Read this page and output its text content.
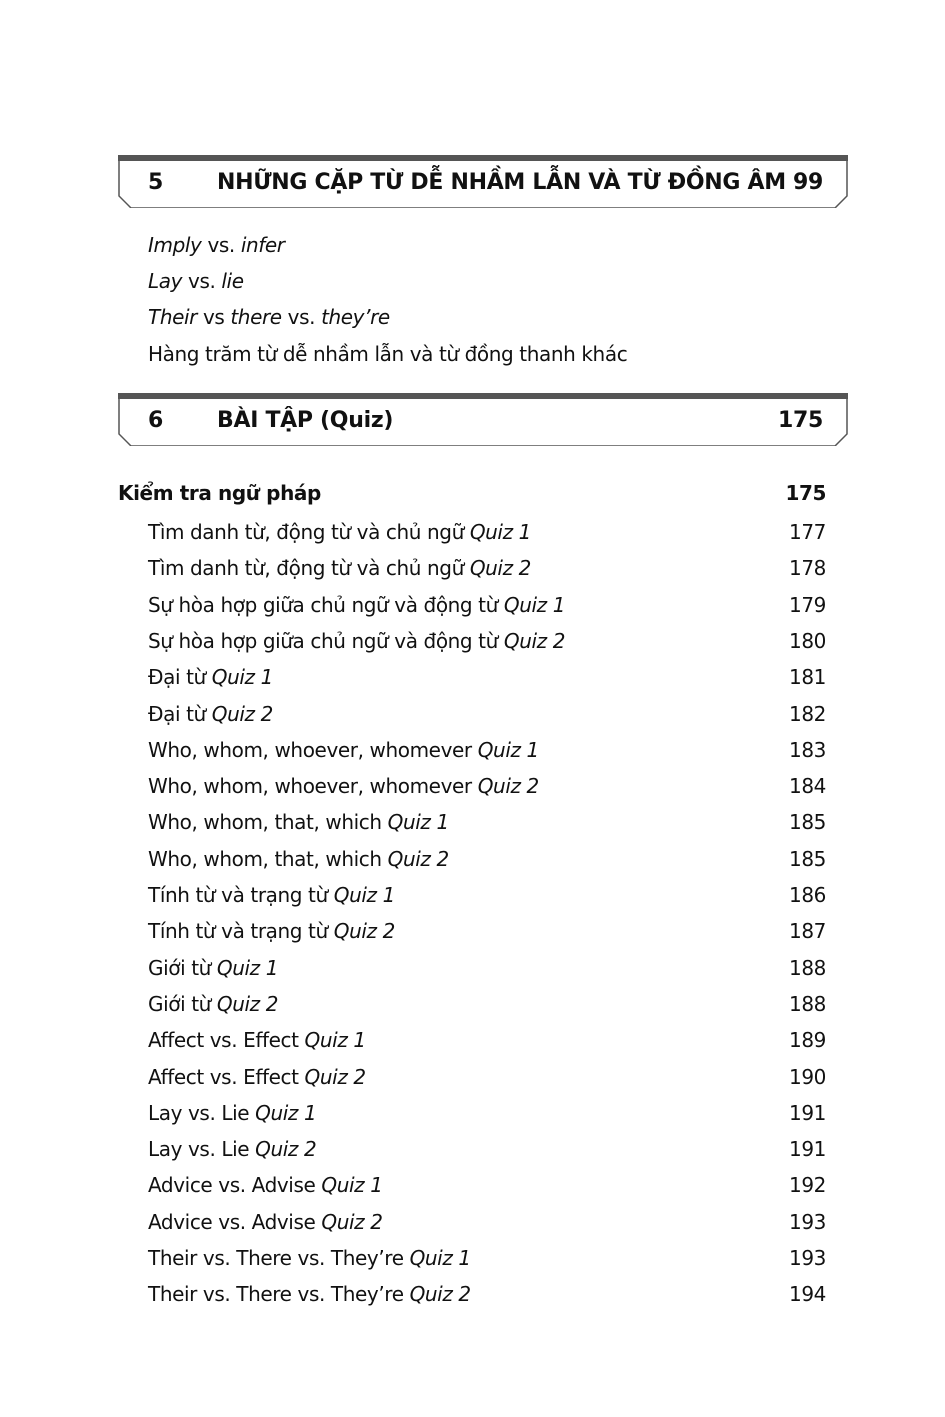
5 NHỮNG CẶP TỪ DỄ NHẦM LẪN VÀ TỪ ĐỒNG ÂM 99
Imply vs. infer
Lay vs. lie
Their vs there vs. they’re
Hàng trăm từ dễ nhầm lẫn và từ đồng thanh khác
6 BÀI TẬP (Quiz)	175
Kiểm tra ngữ pháp	175
Tìm danh từ, động từ và chủ ngữ Quiz 1	177
Tìm danh từ, động từ và chủ ngữ Quiz 2	178
Sự hòa hợp giữa chủ ngữ và động từ Quiz 1	179
Sự hòa hợp giữa chủ ngữ và động từ Quiz 2	180
Đại từ Quiz 1	181
Đại từ Quiz 2	182
Who, whom, whoever, whomever Quiz 1	183
Who, whom, whoever, whomever Quiz 2	184
Who, whom, that, which Quiz 1	185
Who, whom, that, which Quiz 2	185
Tính từ và trạng từ Quiz 1	186
Tính từ và trạng từ Quiz 2	187
Giới từ Quiz 1	188
Giới từ Quiz 2	188
Affect vs. Effect Quiz 1	189
Affect vs. Effect Quiz 2	190
Lay vs. Lie Quiz 1	191
Lay vs. Lie Quiz 2	191
Advice vs. Advise Quiz 1	192
Advice vs. Advise Quiz 2	193
Their vs. There vs. They’re Quiz 1	193
Their vs. There vs. They’re Quiz 2	194
